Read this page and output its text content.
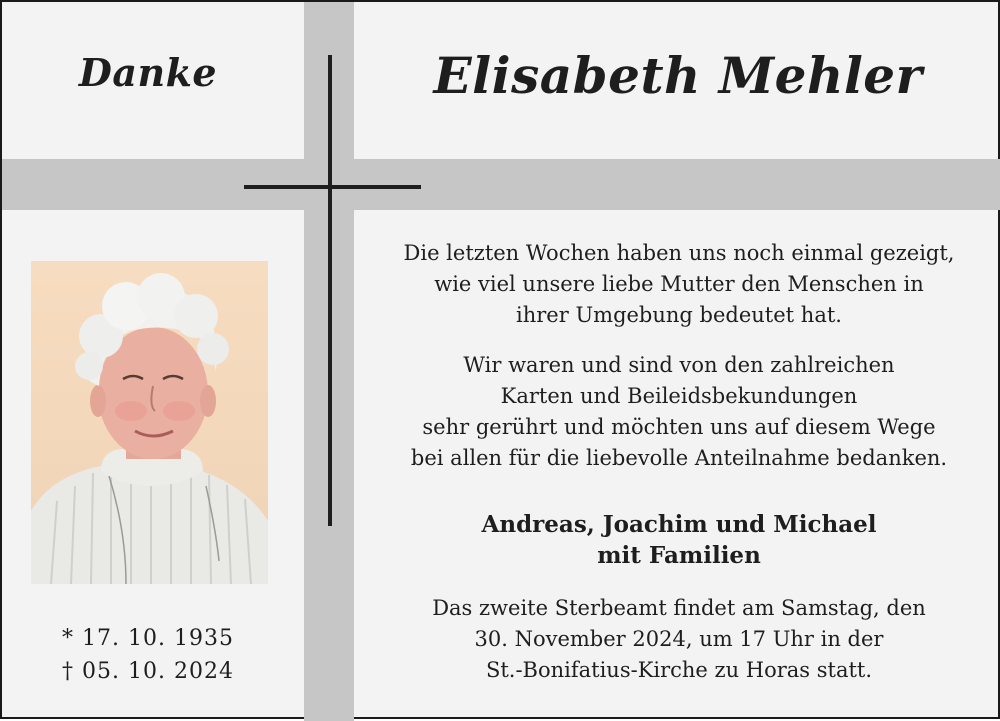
Danke	Elisabeth Mehler
* 17. 10. 1935
† 05. 10. 2024
Die letzten Wochen haben uns noch einmal gezeigt,
wie viel unsere liebe Mutter den Menschen in
ihrer Umgebung bedeutet hat.
Wir waren und sind von den zahlreichen
Karten und Beileidsbekundungen
sehr gerührt und möchten uns auf diesem Wege
bei allen für die liebevolle Anteilnahme bedanken.
Andreas, Joachim und Michael
mit Familien
Das zweite Sterbeamt findet am Samstag, den
30. November 2024, um 17 Uhr in der
St.-Bonifatius-Kirche zu Horas statt.
